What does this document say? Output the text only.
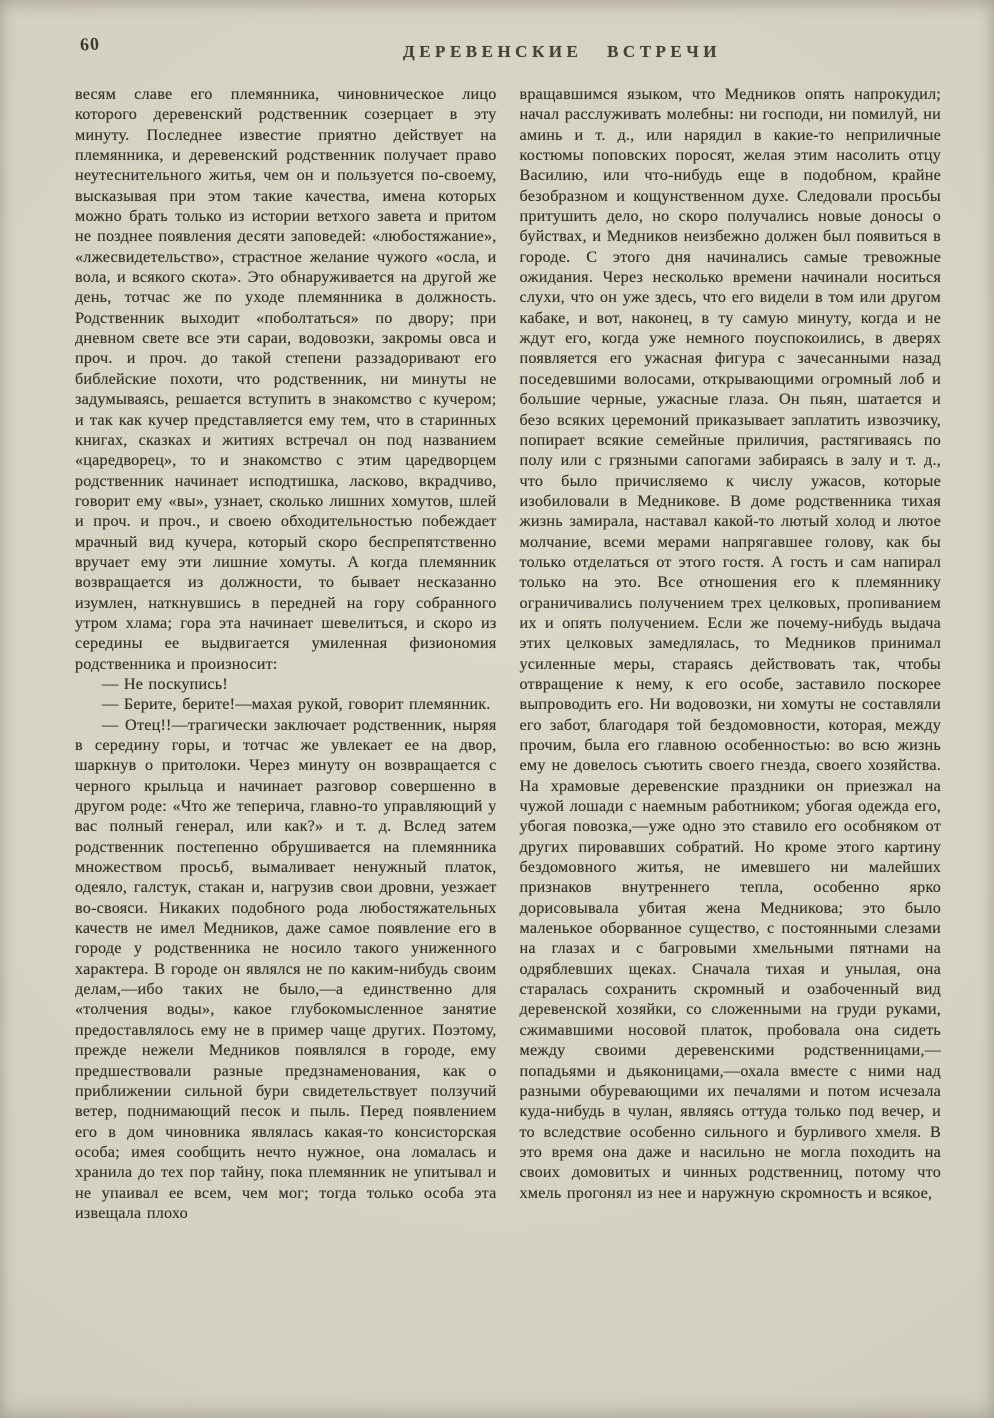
60	ДЕРЕВЕНСКИЕ ВСТРЕЧИ

весям славе его племянника, чиновническое лицо которого деревенский родственник созерцает в эту минуту. Последнее известие приятно действует на племянника, и деревенский родственник получает право неутеснительного житья, чем он и пользуется по-своему, высказывая при этом такие качества, имена которых можно брать только из истории ветхого завета и притом не позднее появления десяти заповедей: «любостяжание», «лжесвидетельство», страстное желание чужого «осла, и вола, и всякого скота». Это обнаруживается на другой же день, тотчас же по уходе племянника в должность. Родственник выходит «поболтаться» по двору; при дневном свете все эти сараи, водовозки, закромы овса и проч. и проч. до такой степени раззадоривают его библейские похоти, что родственник, ни минуты не задумываясь, решается вступить в знакомство с кучером; и так как кучер представляется ему тем, что в старинных книгах, сказках и житиях встречал он под названием «царедворец», то и знакомство с этим царедворцем родственник начинает исподтишка, ласково, вкрадчиво, говорит ему «вы», узнает, сколько лишних хомутов, шлей и проч. и проч., и своею обходительностью побеждает мрачный вид кучера, который скоро беспрепятственно вручает ему эти лишние хомуты. А когда племянник возвращается из должности, то бывает несказанно изумлен, наткнувшись в передней на гору собранного утром хлама; гора эта начинает шевелиться, и скоро из середины ее выдвигается умиленная физиономия родственника и произносит:

— Не поскупись!

— Берите, берите!—махая рукой, говорит племянник.

— Отец!!—трагически заключает родственник, ныряя в середину горы, и тотчас же увлекает ее на двор, шаркнув о притолоки. Через минуту он возвращается с черного крыльца и начинает разговор совершенно в другом роде: «Что же теперича, главно-то управляющий у вас полный генерал, или как?» и т. д. Вслед затем родственник постепенно обрушивается на племянника множеством просьб, вымаливает ненужный платок, одеяло, галстук, стакан и, нагрузив свои дровни, уезжает во-свояси. Никаких подобного рода любостяжательных качеств не имел Медников, даже самое появление его в городе у родственника не носило такого униженного характера. В городе он являлся не по каким-нибудь своим делам,—ибо таких не было,—а единственно для «толчения воды», какое глубокомысленное занятие предоставлялось ему не в пример чаще других. Поэтому, прежде нежели Медников появлялся в городе, ему предшествовали разные предзнаменования, как о приближении сильной бури свидетельствует ползучий ветер, поднимающий песок и пыль. Перед появлением его в дом чиновника являлась какая-то консисторская особа; имея сообщить нечто нужное, она ломалась и хранила до тех пор тайну, пока племянник не упитывал и не упаивал ее всем, чем мог; тогда только особа эта извещала плохо

вращавшимся языком, что Медников опять напрокудил; начал расслуживать молебны: ни господи, ни помилуй, ни аминь и т. д., или нарядил в какие-то неприличные костюмы поповских поросят, желая этим насолить отцу Василию, или что-нибудь еще в подобном, крайне безобразном и кощунственном духе. Следовали просьбы притушить дело, но скоро получались новые доносы о буйствах, и Медников неизбежно должен был появиться в городе. С этого дня начинались самые тревожные ожидания. Через несколько времени начинали носиться слухи, что он уже здесь, что его видели в том или другом кабаке, и вот, наконец, в ту самую минуту, когда и не ждут его, когда уже немного поуспокоились, в дверях появляется его ужасная фигура с зачесанными назад поседевшими волосами, открывающими огромный лоб и большие черные, ужасные глаза. Он пьян, шатается и безо всяких церемоний приказывает заплатить извозчику, попирает всякие семейные приличия, растягиваясь по полу или с грязными сапогами забираясь в залу и т. д., что было причисляемо к числу ужасов, которые изобиловали в Медникове. В доме родственника тихая жизнь замирала, наставал какой-то лютый холод и лютое молчание, всеми мерами напрягавшее голову, как бы только отделаться от этого гостя. А гость и сам напирал только на это. Все отношения его к племяннику ограничивались получением трех целковых, пропиванием их и опять получением. Если же почему-нибудь выдача этих целковых замедлялась, то Медников принимал усиленные меры, стараясь действовать так, чтобы отвращение к нему, к его особе, заставило поскорее выпроводить его. Ни водовозки, ни хомуты не составляли его забот, благодаря той бездомовности, которая, между прочим, была его главною особенностью: во всю жизнь ему не довелось съютить своего гнезда, своего хозяйства. На храмовые деревенские праздники он приезжал на чужой лошади с наемным работником; убогая одежда его, убогая повозка,—уже одно это ставило его особняком от других пировавших собратий. Но кроме этого картину бездомовного житья, не имевшего ни малейших признаков внутреннего тепла, особенно ярко дорисовывала убитая жена Медникова; это было маленькое оборванное существо, с постоянными слезами на глазах и с багровыми хмельными пятнами на одряблевших щеках. Сначала тихая и унылая, она старалась сохранить скромный и озабоченный вид деревенской хозяйки, со сложенными на груди руками, сжимавшими носовой платок, пробовала она сидеть между своими деревенскими родственницами,—попадьями и дьяконицами,—охала вместе с ними над разными обуревающими их печалями и потом исчезала куда-нибудь в чулан, являясь оттуда только под вечер, и то вследствие особенно сильного и бурливого хмеля. В это время она даже и насильно не могла походить на своих домовитых и чинных родственниц, потому что хмель прогонял из нее и наружную скромность и всякое,
